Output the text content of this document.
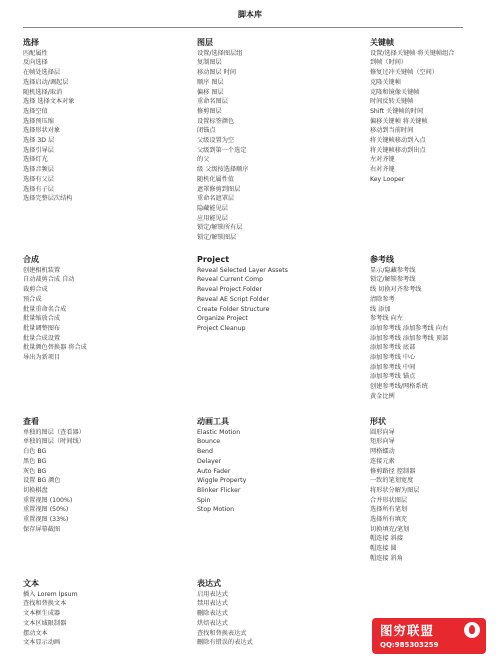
脚本库
选择
匹配属性
反向选择
在帧处选择层
选择启动/调起层
随机选择/取消
选择 选择文本对象
选择空值
选择预压缩
选择形状对象
选择 3D 层
选择引导层
选择灯光
选择音频层
选择有父层
选择有子层
选择完整层次结构
图层
设置/选择图层组
复制图层
移动图层 时间
顺序 图层
偏移 图层
重命名图层
修剪图层
设置标签颜色
闭锚点
父级设置为空
父级到第一个选定
的父
级 父级按选择顺序
随机化属性值
遮罩修剪到图层
重命名遮罩层
隐藏能见层
应用能见层
锁定/解锁所有层
锁定/解锁图层
关键帧
设置/选择关键帧 将关键帧组合
到帧（时间）
修复过冲关键帧（空间）
克隆关键帧
克隆和镜像关键帧
时间反转关键帧
Shift 关键帧的时间
偏移关键帧 将关键帧
移动到当前时间
将关键帧移动到入点
将关键帧移动到出点
左对齐键
右对齐键
Key Looper
合成
创建相机装置
自动裁剪合成 自动
裁剪合成
预合成
批量重命名合成
批量缩放合成
批量调整图布
批量合成设置
批量颜色替换器 将合成
导出为新项目
Project
Reveal Selected Layer Assets
Reveal Current Comp
Reveal Project Folder
Reveal AE Script Folder
Create Folder Structure
Organize Project
Project Cleanup
参考线
显示/隐藏参考线
锁定/解锁参考线
线 切换对齐参考线
清除参考
线 添加
参考线 向左
添加参考线 添加参考线 向右
添加参考线 添加参考线 顶部
添加参考线 底部
添加参考线 中心
添加参考线 中间
添加参考线 锚点
创建参考线/网格系统
黄金比例
查看
单独的图层（查看器）
单独的图层（时间线）
白色 BG
黑色 BG
灰色 BG
设置 BG 颜色
切换棋盘
重置视图 (100%)
重置视图 (50%)
重置视图 (33%)
保存屏幕截图
动画工具
Elastic Motion
Bounce
Bend
Delayer
Auto Fader
Wiggle Property
Blinker Flicker
Spin
Stop Motion
形状
圆形向导
矩形向导
网格蠕动
连接元素
修剪路径 控制器
一致的笔划宽度
将形状分解为图层
合并形状图层
选择所有笔划
选择所有填充
切换填充/笔划
帽连接 斜接
帽连接 圆
帽连接 斜角
文本
插入 Lorem Ipsum
查找和替换文本
文本框生成器
文本区域限制器
摆动文本
文本显示动画
表达式
启用表达式
禁用表达式
删除表达式
烘焙表达式
查找和替换表达式
删除有错误的表达式
图穷联盟
QQ:985303259
